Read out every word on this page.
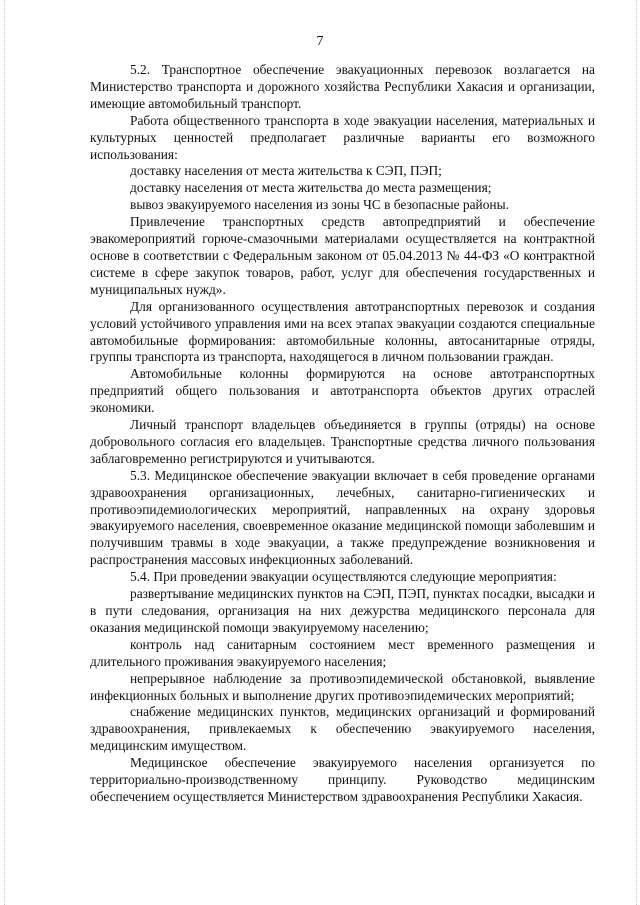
7

5.2. Транспортное обеспечение эвакуационных перевозок возлагается на Министерство транспорта и дорожного хозяйства Республики Хакасия и организации, имеющие автомобильный транспорт.

Работа общественного транспорта в ходе эвакуации населения, материальных и культурных ценностей предполагает различные варианты его возможного использования:

доставку населения от места жительства к СЭП, ПЭП;

доставку населения от места жительства до места размещения;

вывоз эвакуируемого населения из зоны ЧС в безопасные районы.

Привлечение транспортных средств автопредприятий и обеспечение эвакомероприятий горюче-смазочными материалами осуществляется на контрактной основе в соответствии с Федеральным законом от 05.04.2013 № 44-ФЗ «О контрактной системе в сфере закупок товаров, работ, услуг для обеспечения государственных и муниципальных нужд».

Для организованного осуществления автотранспортных перевозок и создания условий устойчивого управления ими на всех этапах эвакуации создаются специальные автомобильные формирования: автомобильные колонны, автосанитарные отряды, группы транспорта из транспорта, находящегося в личном пользовании граждан.

Автомобильные колонны формируются на основе автотранспортных предприятий общего пользования и автотранспорта объектов других отраслей экономики.

Личный транспорт владельцев объединяется в группы (отряды) на основе добровольного согласия его владельцев. Транспортные средства личного пользования заблаговременно регистрируются и учитываются.

5.3. Медицинское обеспечение эвакуации включает в себя проведение органами здравоохранения организационных, лечебных, санитарно-гигиенических и противоэпидемиологических мероприятий, направленных на охрану здоровья эвакуируемого населения, своевременное оказание медицинской помощи заболевшим и получившим травмы в ходе эвакуации, а также предупреждение возникновения и распространения массовых инфекционных заболеваний.

5.4. При проведении эвакуации осуществляются следующие мероприятия:

развертывание медицинских пунктов на СЭП, ПЭП, пунктах посадки, высадки и в пути следования, организация на них дежурства медицинского персонала для оказания медицинской помощи эвакуируемому населению;

контроль над санитарным состоянием мест временного размещения и длительного проживания эвакуируемого населения;

непрерывное наблюдение за противоэпидемической обстановкой, выявление инфекционных больных и выполнение других противоэпидемических мероприятий;

снабжение медицинских пунктов, медицинских организаций и формирований здравоохранения, привлекаемых к обеспечению эвакуируемого населения, медицинским имуществом.

Медицинское обеспечение эвакуируемого населения организуется по территориально-производственному принципу. Руководство медицинским обеспечением осуществляется Министерством здравоохранения Республики Хакасия.
